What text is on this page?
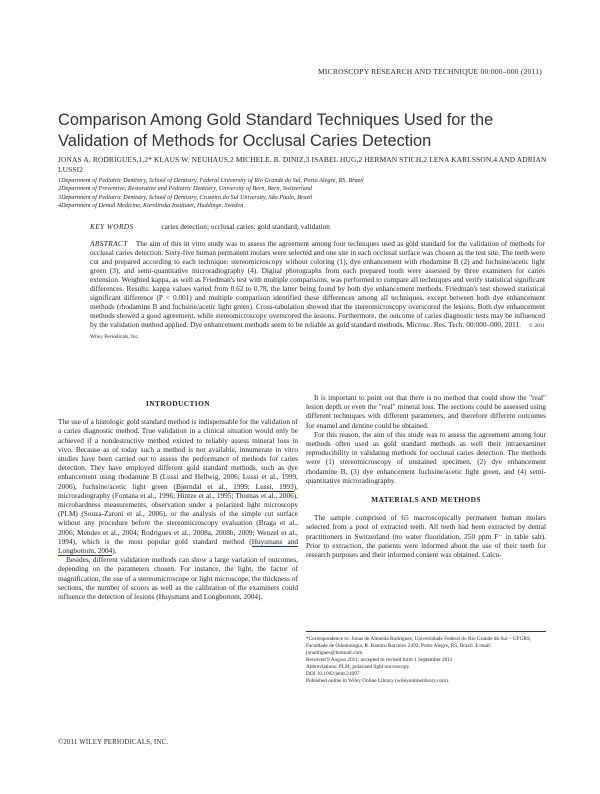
MICROSCOPY RESEARCH AND TECHNIQUE 00:000–000 (2011)
Comparison Among Gold Standard Techniques Used for the Validation of Methods for Occlusal Caries Detection
JONAS A. RODRIGUES,1,2* KLAUS W. NEUHAUS,2 MICHELE. B. DINIZ,3 ISABEL HUG,2 HERMAN STICH,2 LENA KARLSSON,4 AND ADRIAN LUSSI2
1Department of Pediatric Dentistry, School of Dentistry, Federal University of Rio Grande do Sul, Porto Alegre, RS, Brazil
2Department of Preventive, Restorative and Pediatric Dentistry, University of Bern, Bern, Switzerland
3Department of Pediatric Dentistry, School of Dentistry, Cruzeiro do Sul University, São Paulo, Brazil
4Department of Dental Medicine, Karolinska Institutet, Huddinge, Sweden
KEY WORDS	caries detection; occlusal caries; gold standard; validation
ABSTRACT The aim of this in vitro study was to assess the agreement among four techniques used as gold standard for the validation of methods for occlusal caries detection. Sixty-five human permanent molars were selected and one site in each occlusal surface was chosen as the test site. The teeth were cut and prepared according to each technique: stereomicroscopy without coloring (1), dye enhancement with rhodamine B (2) and fuchsine/acetic light green (3), and semi-quantitative microradiography (4). Digital photographs from each prepared tooth were assessed by three examiners for caries extension. Weighted kappa, as well as Friedman's test with multiple comparisons, was performed to compare all techniques and verify statistical significant differences. Results: kappa values varied from 0.62 to 0.78, the latter being found by both dye enhancement methods. Friedman's test showed statistical significant difference (P < 0.001) and multiple comparison identified these differences among all techniques, except between both dye enhancement methods (rhodamine B and fuchsine/acetic light green). Cross-tabulation showed that the stereomicroscopy overscored the lesions. Both dye enhancement methods showed a good agreement, while stereomicroscopy overscored the lesions. Furthermore, the outcome of caries diagnostic tests may be influenced by the validation method applied. Dye enhancement methods seem to be reliable as gold standard methods. Microsc. Res. Tech. 00:000–000, 2011. © 2011 Wiley Periodicals, Inc.
INTRODUCTION

The use of a histologic gold standard method is indispensable for the validation of a caries diagnostic method. True validation in a clinical situation would only be achieved if a nondestructive method existed to reliably assess mineral loss in vivo. Because as of today such a method is not available, innumerate in vitro studies have been carried out to assess the performance of methods for caries detection. They have employed different gold standard methods, such as dye enhancement using rhodamine B (Lussi and Hellwig, 2006; Lussi et al., 1999, 2006), fuchsine/acetic light green (Bjørndal et al., 1999; Lussi, 1993), microradiography (Fontana et al., 1996; Hintze et al., 1995; Thomas et al., 2006), microhardness measurements, observation under a polarized light microscopy (PLM) (Souza-Zaroni et al., 2006), or the analysis of the simple cut surface without any procedure before the stereomicroscopy evaluation (Braga et al., 2006; Mendes et al., 2004; Rodrigues et al., 2008a, 2008b, 2009; Wenzel et al., 1994), which is the most popular gold standard method (Huysmans and Longbottom, 2004).

Besides, different validation methods can show a large variation of outcomes, depending on the parameters chosen. For instance, the light, the factor of magnification, the use of a stereomicroscope or light microscope, the thickness of sections, the number of scores as well as the calibration of the examiners could influence the detection of lesions (Huysmans and Longbottom, 2004).

It is important to point out that there is no method that could show the "real" lesion depth or even the "real" mineral loss. The sections could be assessed using different techniques with different parameters, and therefore different outcomes for enamel and dentine could be obtained.

For this reason, the aim of this study was to assess the agreement among four methods often used as gold standard methods as well their intraexaminer reproducibility in validating methods for occlusal caries detection. The methods were (1) stereomicroscopy of unstained specimen, (2) dye enhancement rhodamine B, (3) dye enhancement fuchsine/acetic light green, and (4) semi-quantitative microradiography.

MATERIALS AND METHODS

The sample comprised of 65 macroscopically permanent human molars selected from a pool of extracted teeth. All teeth had been extracted by dental practitioners in Switzerland (no water fluoridation, 250 ppm F⁻ in table salt). Prior to extraction, the patients were informed about the use of their teeth for research purposes and their informed consent was obtained. Calcu-

*Correspondence to: Jonas de Almeida Rodrigues; Universidade Federal do Rio Grande do Sul – UFGRS, Faculdade de Odontologia, R. Ramiro Barcelos 2492, Porto Alegre, RS, Brazil. E-mail: jonadrigues@hotmail.com
Received 9 August 2011; accepted in revised form 1 September 2011
Abbreviations: PLM, polarized light microscopy.
DOI 10.1002/jemt.21097
Published online in Wiley Online Library (wileyonlinelibrary.com).
©2011 WILEY PERIODICALS, INC.
